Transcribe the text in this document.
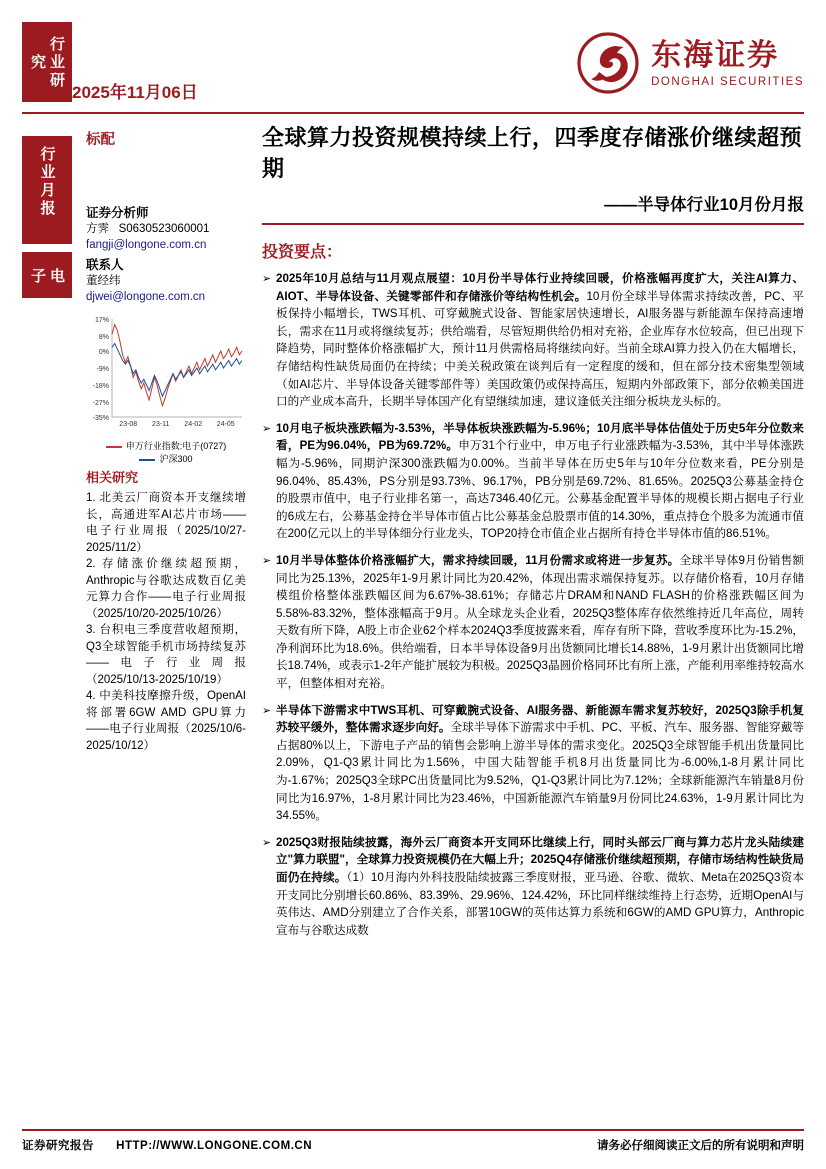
行业研究
行业月报
电子
2025年11月06日
东海证券
DONGHAI SECURITIES
标配
证券分析师
方霁 S0630523060001
fangji@longone.com.cn
联系人
董经纬
djwei@longone.com.cn
17%
8%
0%
-9%
-18%
-27%
-35%
23-08 23-11 24-02 24-05
申万行业指数:电子(0727)
沪深300
相关研究
1. 北美云厂商资本开支继续增长，高通进军AI芯片市场——电子行业周报（2025/10/27-2025/11/2）
2. 存储涨价继续超预期，Anthropic与谷歌达成数百亿美元算力合作——电子行业周报（2025/10/20-2025/10/26）
3. 台积电三季度营收超预期，Q3全球智能手机市场持续复苏——电子行业周报（2025/10/13-2025/10/19）
4. 中美科技摩擦升级，OpenAI将部署6GW AMD GPU算力——电子行业周报（2025/10/6-2025/10/12）
全球算力投资规模持续上行，四季度存储涨价继续超预期
——半导体行业10月份月报
投资要点：
➢ 2025年10月总结与11月观点展望：10月份半导体行业持续回暖，价格涨幅再度扩大，关注AI算力、AIOT、半导体设备、关键零部件和存储涨价等结构性机会。10月份全球半导体需求持续改善，PC、平板保持小幅增长，TWS耳机、可穿戴腕式设备、智能家居快速增长，AI服务器与新能源车保持高速增长，需求在11月或将继续复苏；供给端看，尽管短期供给仍相对充裕，企业库存水位较高，但已出现下降趋势，同时整体价格涨幅扩大，预计11月供需格局将继续向好。当前全球AI算力投入仍在大幅增长，存储结构性缺货局面仍在持续；中美关税政策在谈判后有一定程度的缓和，但在部分技术密集型领域（如AI芯片、半导体设备关键零部件等）美国政策仍或保持高压，短期内外部政策下，部分依赖美国进口的产业成本高升，长期半导体国产化有望继续加速，建议逢低关注细分板块龙头标的。
➢ 10月电子板块涨跌幅为-3.53%，半导体板块涨跌幅为-5.96%；10月底半导体估值处于历史5年分位数来看，PE为96.04%，PB为69.72%。申万31个行业中，申万电子行业涨跌幅为-3.53%，其中半导体涨跌幅为-5.96%，同期沪深300涨跌幅为0.00%。当前半导体在历史5年与10年分位数来看，PE分别是96.04%、85.43%，PS分别是93.73%、96.17%，PB分别是69.72%、81.65%。2025Q3公募基金持仓的股票市值中，电子行业排名第一，高达7346.40亿元。公募基金配置半导体的规模长期占据电子行业的6成左右，公募基金持仓半导体市值占比公募基金总股票市值的14.30%，重点持仓个股多为流通市值在200亿元以上的半导体细分行业龙头，TOP20持仓市值企业占据所有持仓半导体市值的86.51%。
➢ 10月半导体整体价格涨幅扩大，需求持续回暖，11月份需求或将进一步复苏。全球半导体9月份销售额同比为25.13%，2025年1-9月累计同比为20.42%，体现出需求端保持复苏。以存储价格看，10月存储模组价格整体涨跌幅区间为6.67%-38.61%；存储芯片DRAM和NAND FLASH的价格涨跌幅区间为5.58%-83.32%，整体涨幅高于9月。从全球龙头企业看，2025Q3整体库存依然维持近几年高位，周转天数有所下降，A股上市企业62个样本2024Q3季度披露来看，库存有所下降，营收季度环比为-15.2%，净利润环比为18.6%。供给端看，日本半导体设备9月出货额同比增长14.88%，1-9月累计出货额同比增长18.74%，或表示1-2年产能扩展较为积极。2025Q3晶圆价格同环比有所上涨，产能利用率维持较高水平，但整体相对充裕。
➢ 半导体下游需求中TWS耳机、可穿戴腕式设备、AI服务器、新能源车需求复苏较好，2025Q3除手机复苏较平缓外，整体需求逐步向好。全球半导体下游需求中手机、PC、平板、汽车、服务器、智能穿戴等占据80%以上，下游电子产品的销售会影响上游半导体的需求变化。2025Q3全球智能手机出货量同比2.09%，Q1-Q3累计同比为1.56%，中国大陆智能手机8月出货量同比为-6.00%,1-8月累计同比为-1.67%；2025Q3全球PC出货量同比为9.52%，Q1-Q3累计同比为7.12%；全球新能源汽车销量8月份同比为16.97%，1-8月累计同比为23.46%，中国新能源汽车销量9月份同比24.63%，1-9月累计同比为34.55%。
➢ 2025Q3财报陆续披露，海外云厂商资本开支同环比继续上行，同时头部云厂商与算力芯片龙头陆续建立"算力联盟"，全球算力投资规模仍在大幅上升；2025Q4存储涨价继续超预期，存储市场结构性缺货局面仍在持续。（1）10月海内外科技股陆续披露三季度财报，亚马逊、谷歌、微软、Meta在2025Q3资本开支同比分别增长60.86%、83.39%、29.96%、124.42%，环比同样继续维持上行态势，近期OpenAI与英伟达、AMD分别建立了合作关系，部署10GW的英伟达算力系统和6GW的AMD GPU算力，Anthropic宣布与谷歌达成数
证券研究报告 HTTP://WWW.LONGONE.COM.CN	请务必仔细阅读正文后的所有说明和声明
